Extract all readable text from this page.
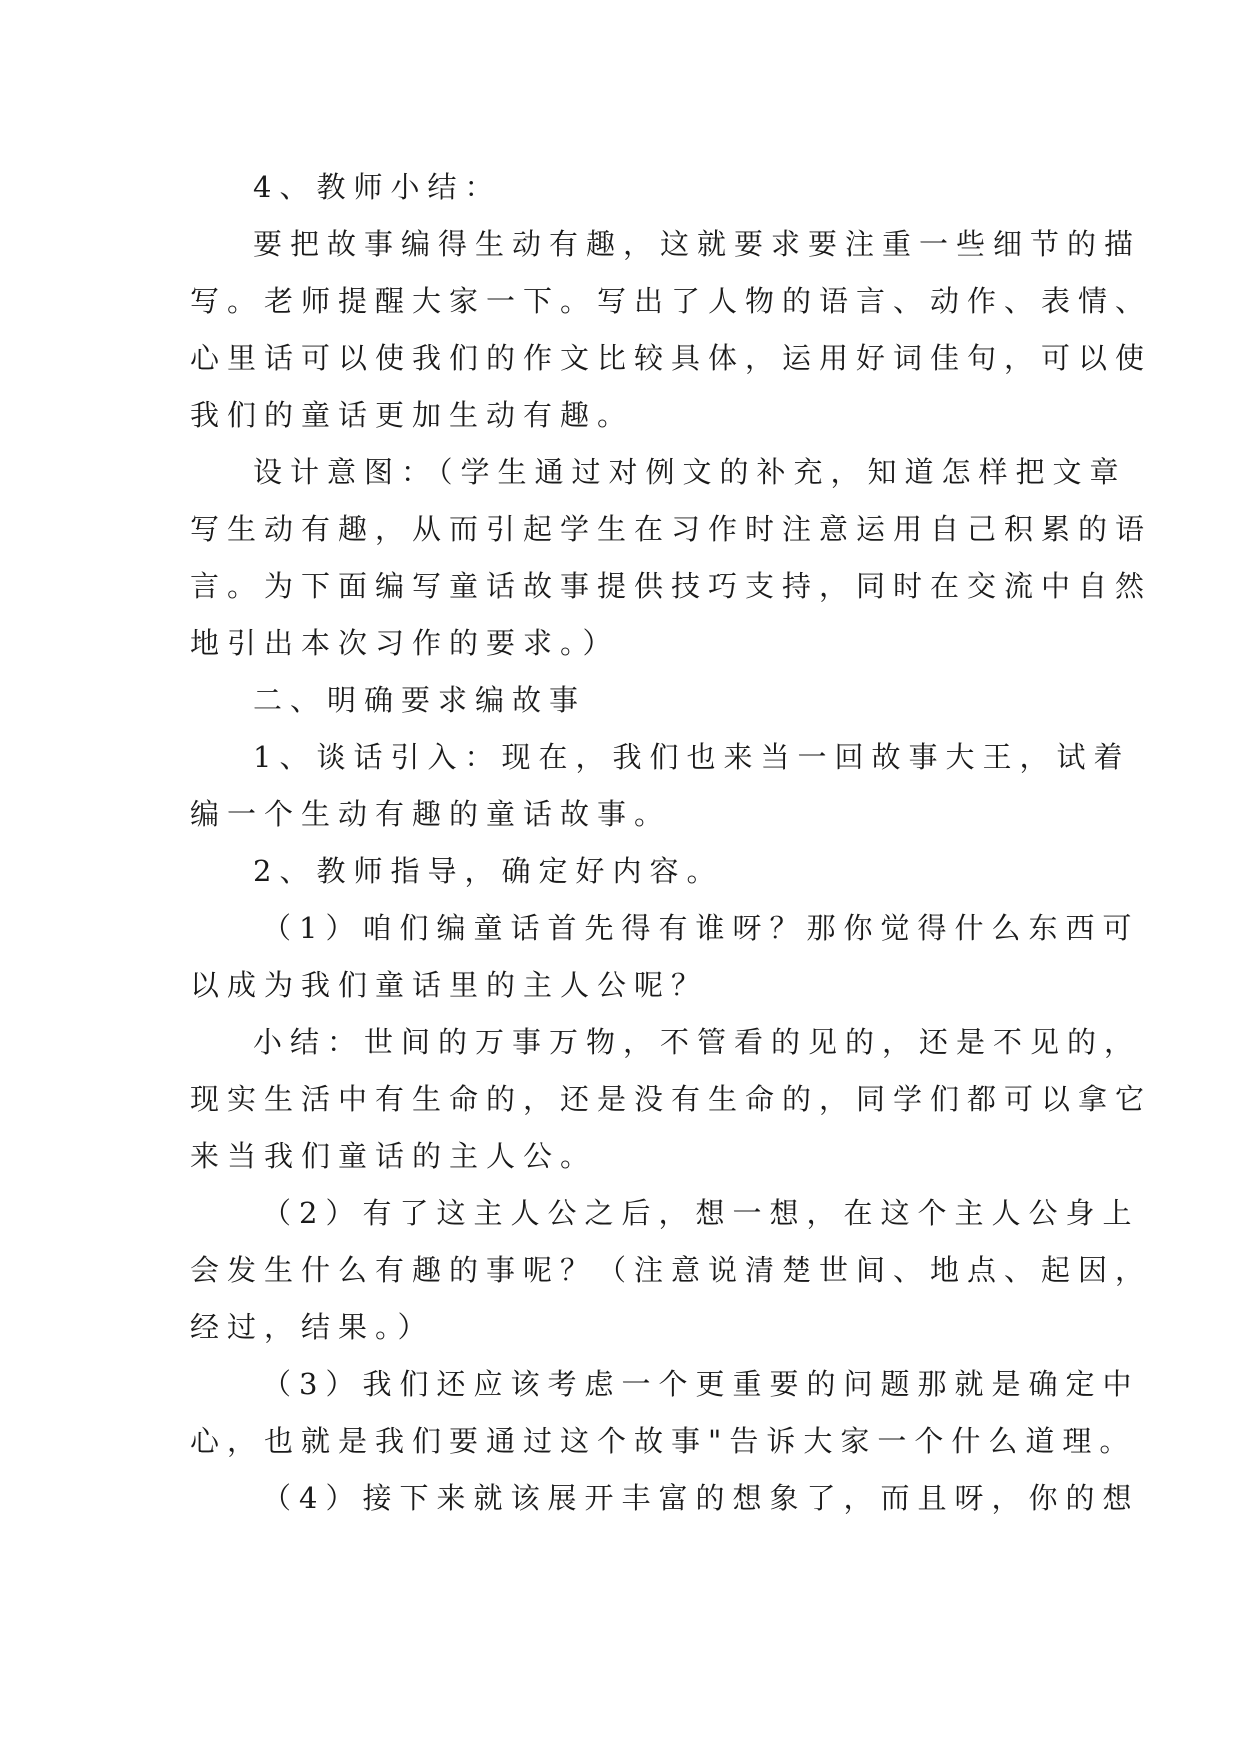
4、教师小结：
要把故事编得生动有趣，这就要求要注重一些细节的描
写。老师提醒大家一下。写出了人物的语言、动作、表情、
心里话可以使我们的作文比较具体，运用好词佳句，可以使
我们的童话更加生动有趣。
设计意图：（学生通过对例文的补充，知道怎样把文章
写生动有趣，从而引起学生在习作时注意运用自己积累的语
言。为下面编写童话故事提供技巧支持，同时在交流中自然
地引出本次习作的要求。）
二、明确要求编故事
1、谈话引入：现在，我们也来当一回故事大王，试着
编一个生动有趣的童话故事。
2、教师指导，确定好内容。
（1）咱们编童话首先得有谁呀？那你觉得什么东西可
以成为我们童话里的主人公呢？
小结：世间的万事万物，不管看的见的，还是不见的，
现实生活中有生命的，还是没有生命的，同学们都可以拿它
来当我们童话的主人公。
（2）有了这主人公之后，想一想，在这个主人公身上
会发生什么有趣的事呢？（注意说清楚世间、地点、起因，
经过，结果。）
（3）我们还应该考虑一个更重要的问题那就是确定中
心，也就是我们要通过这个故事"告诉大家一个什么道理。
（4）接下来就该展开丰富的想象了，而且呀，你的想
